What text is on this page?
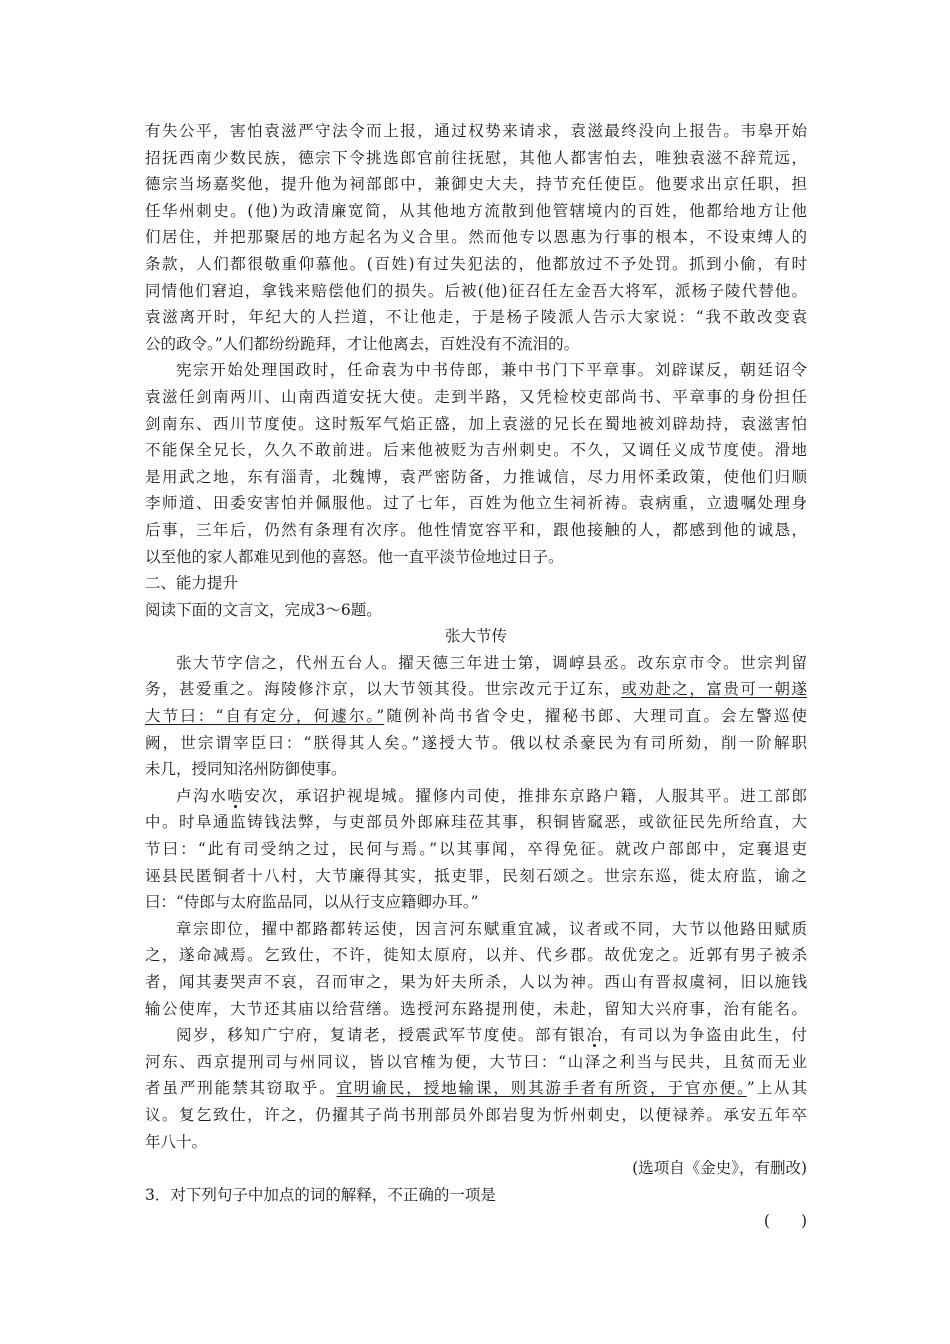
有失公平，害怕袁滋严守法令而上报，通过权势来请求，袁滋最终没向上报告。韦皋开始
招抚西南少数民族，德宗下令挑选郎官前往抚慰，其他人都害怕去，唯独袁滋不辞荒远，
德宗当场嘉奖他，提升他为祠部郎中，兼御史大夫，持节充任使臣。他要求出京任职，担
任华州刺史。(他)为政清廉宽简，从其他地方流散到他管辖境内的百姓，他都给地方让他
们居住，并把那聚居的地方起名为义合里。然而他专以恩惠为行事的根本，不设束缚人的
条款，人们都很敬重仰慕他。(百姓)有过失犯法的，他都放过不予处罚。抓到小偷，有时
同情他们窘迫，拿钱来赔偿他们的损失。后被(他)征召任左金吾大将军，派杨子陵代替他。
袁滋离开时，年纪大的人拦道，不让他走，于是杨子陵派人告示大家说：“我不敢改变袁
公的政令。”人们都纷纷跪拜，才让他离去，百姓没有不流泪的。
宪宗开始处理国政时，任命袁为中书侍郎，兼中书门下平章事。刘辟谋反，朝廷诏令
袁滋任剑南两川、山南西道安抚大使。走到半路，又凭检校吏部尚书、平章事的身份担任
剑南东、西川节度使。这时叛军气焰正盛，加上袁滋的兄长在蜀地被刘辟劫持，袁滋害怕
不能保全兄长，久久不敢前进。后来他被贬为吉州刺史。不久，又调任义成节度使。滑地
是用武之地，东有淄青，北魏博，袁严密防备，力推诚信，尽力用怀柔政策，使他们归顺
李师道、田委安害怕并佩服他。过了七年，百姓为他立生祠祈祷。袁病重，立遗嘱处理身
后事，三年后，仍然有条理有次序。他性情宽容平和，跟他接触的人，都感到他的诚恳，
以至他的家人都难见到他的喜怒。他一直平淡节俭地过日子。
二、能力提升
阅读下面的文言文，完成3～6题。
张大节传
张大节字信之，代州五台人。擢天德三年进士第，调崞县丞。改东京市令。世宗判留
务，甚爱重之。海陵修汴京，以大节领其役。世宗改元于辽东，或劝赴之，富贵可一朝遂
大节曰：“自有定分，何遽尔。”随例补尚书省令史，擢秘书郎、大理司直。会左警巡使
阙，世宗谓宰臣曰：“朕得其人矣。”遂授大节。俄以杖杀豪民为有司所劾，削一阶解职
未几，授同知洺州防御使事。
卢沟水啮安次，承诏护视堤城。擢修内司使，推排东京路户籍，人服其平。进工部郎
中。时阜通监铸钱法弊，与吏部员外郎麻珪莅其事，积铜皆窳恶，或欲征民先所给直，大
节曰：“此有司受纳之过，民何与焉。”以其事闻，卒得免征。就改户部郎中，定襄退吏
诬县民匿铜者十八村，大节廉得其实，抵吏罪，民刻石颂之。世宗东巡，徙太府监，谕之
曰：“侍郎与太府监品同，以从行支应籍卿办耳。”
章宗即位，擢中都路都转运使，因言河东赋重宜减，议者或不同，大节以他路田赋质
之，遂命减焉。乞致仕，不许，徙知太原府，以并、代乡郡。故优宠之。近郭有男子被杀
者，闻其妻哭声不哀，召而审之，果为奸夫所杀，人以为神。西山有晋叔虞祠，旧以施钱
输公使库，大节还其庙以给营缮。选授河东路提刑使，未赴，留知大兴府事，治有能名。
阅岁，移知广宁府，复请老，授震武军节度使。部有银冶，有司以为争盗由此生，付
河东、西京提刑司与州同议，皆以官榷为便，大节曰：“山泽之利当与民共，且贫而无业
者虽严刑能禁其窃取乎。宜明谕民，授地输课，则其游手者有所资，于官亦便。”上从其
议。复乞致仕，许之，仍擢其子尚书刑部员外郎岩叟为忻州刺史，以便禄养。承安五年卒
年八十。
(选项自《金史》，有删改)
3．对下列句子中加点的词的解释，不正确的一项是
(　　)
